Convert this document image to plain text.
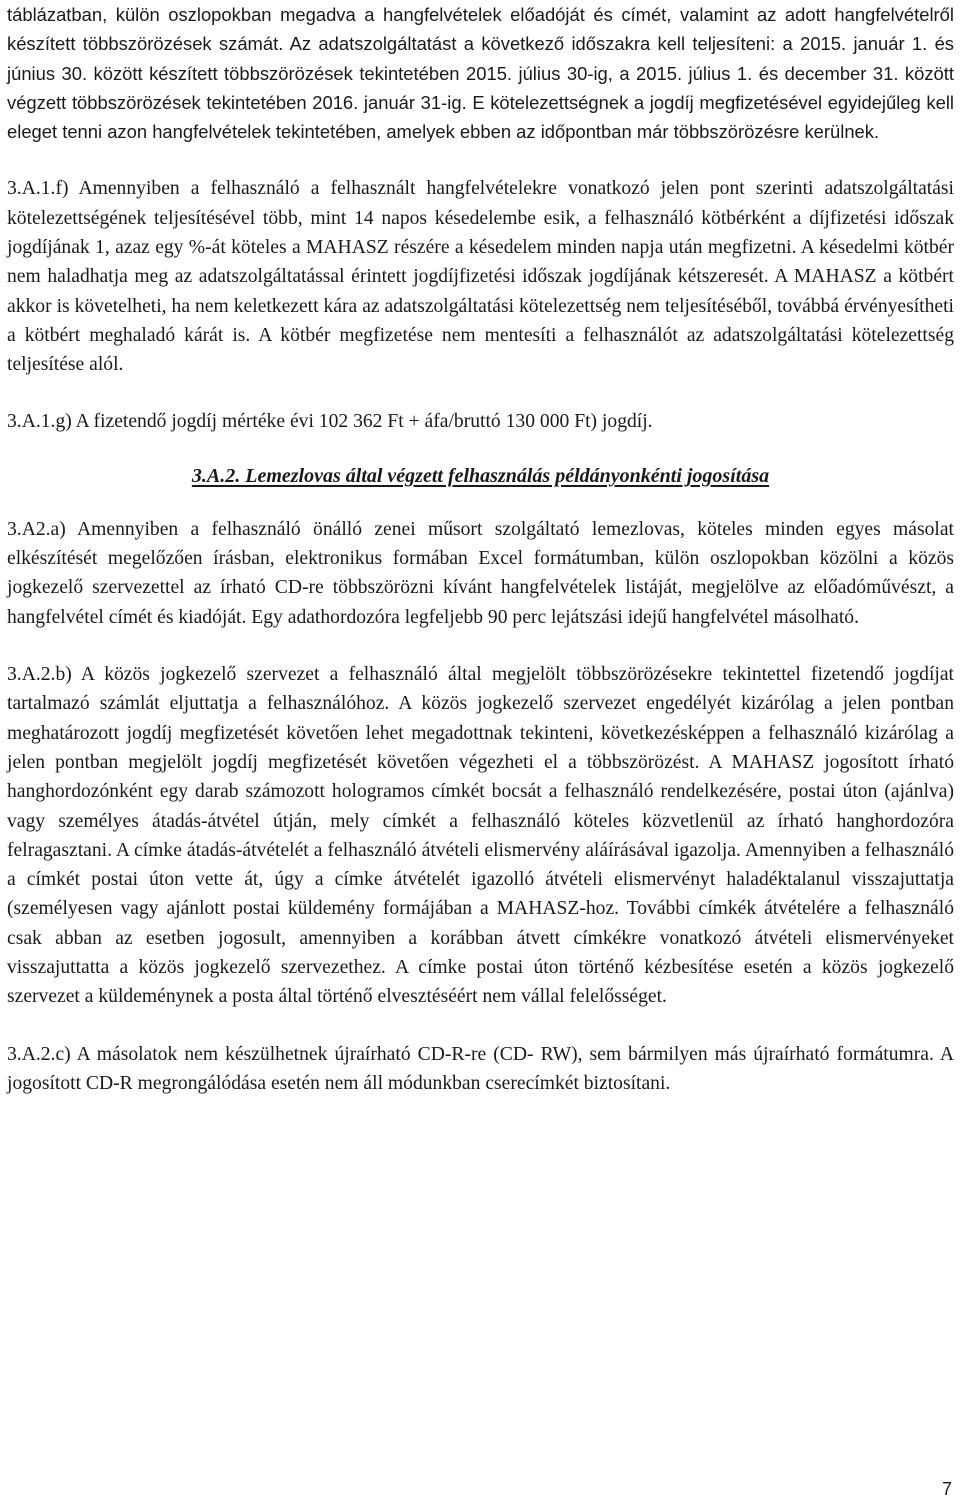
táblázatban, külön oszlopokban megadva a hangfelvételek előadóját és címét, valamint az adott hangfelvételről készített többszörözések számát. Az adatszolgáltatást a következő időszakra kell teljesíteni: a 2015. január 1. és június 30. között készített többszörözések tekintetében 2015. július 30-ig, a 2015. július 1. és december 31. között végzett többszörözések tekintetében 2016. január 31-ig. E kötelezettségnek a jogdíj megfizetésével egyidejűleg kell eleget tenni azon hangfelvételek tekintetében, amelyek ebben az időpontban már többszörözésre kerülnek.

3.A.1.f) Amennyiben a felhasználó a felhasznált hangfelvételekre vonatkozó jelen pont szerinti adatszolgáltatási kötelezettségének teljesítésével több, mint 14 napos késedelembe esik, a felhasználó kötbérként a díjfizetési időszak jogdíjának 1, azaz egy %-át köteles a MAHASZ részére a késedelem minden napja után megfizetni. A késedelmi kötbér nem haladhatja meg az adatszolgáltatással érintett jogdíjfizetési időszak jogdíjának kétszeresét. A MAHASZ a kötbért akkor is követelheti, ha nem keletkezett kára az adatszolgáltatási kötelezettség nem teljesítéséből, továbbá érvényesítheti a kötbért meghaladó kárát is. A kötbér megfizetése nem mentesíti a felhasználót az adatszolgáltatási kötelezettség teljesítése alól.

3.A.1.g) A fizetendő jogdíj mértéke évi 102 362 Ft + áfa/bruttó 130 000 Ft) jogdíj.

3.A.2. Lemezlovas által végzett felhasználás példányonkénti jogosítása

3.A2.a) Amennyiben a felhasználó önálló zenei műsort szolgáltató lemezlovas, köteles minden egyes másolat elkészítését megelőzően írásban, elektronikus formában Excel formátumban, külön oszlopokban közölni a közös jogkezelő szervezettel az írható CD-re többszörözni kívánt hangfelvételek listáját, megjelölve az előadóművészt, a hangfelvétel címét és kiadóját. Egy adathordozóra legfeljebb 90 perc lejátszási idejű hangfelvétel másolható.

3.A.2.b) A közös jogkezelő szervezet a felhasználó által megjelölt többszörözésekre tekintettel fizetendő jogdíjat tartalmazó számlát eljuttatja a felhasználóhoz. A közös jogkezelő szervezet engedélyét kizárólag a jelen pontban meghatározott jogdíj megfizetését követően lehet megadottnak tekinteni, következésképpen a felhasználó kizárólag a jelen pontban megjelölt jogdíj megfizetését követően végezheti el a többszörözést. A MAHASZ jogosított írható hanghordozónként egy darab számozott hologramos címkét bocsát a felhasználó rendelkezésére, postai úton (ajánlva) vagy személyes átadás-átvétel útján, mely címkét a felhasználó köteles közvetlenül az írható hanghordozóra felragasztani. A címke átadás-átvételét a felhasználó átvételi elismervény aláírásával igazolja. Amennyiben a felhasználó a címkét postai úton vette át, úgy a címke átvételét igazolló átvételi elismervényt haladéktalanul visszajuttatja (személyesen vagy ajánlott postai küldemény formájában a MAHASZ-hoz. További címkék átvételére a felhasználó csak abban az esetben jogosult, amennyiben a korábban átvett címkékre vonatkozó átvételi elismervényeket visszajuttatta a közös jogkezelő szervezethez. A címke postai úton történő kézbesítése esetén a közös jogkezelő szervezet a küldeménynek a posta által történő elvesztéséért nem vállal felelősséget.

3.A.2.c) A másolatok nem készülhetnek újraírható CD-R-re (CD- RW), sem bármilyen más újraírható formátumra. A jogosított CD-R megrongálódása esetén nem áll módunkban cserecímkét biztosítani.

7
